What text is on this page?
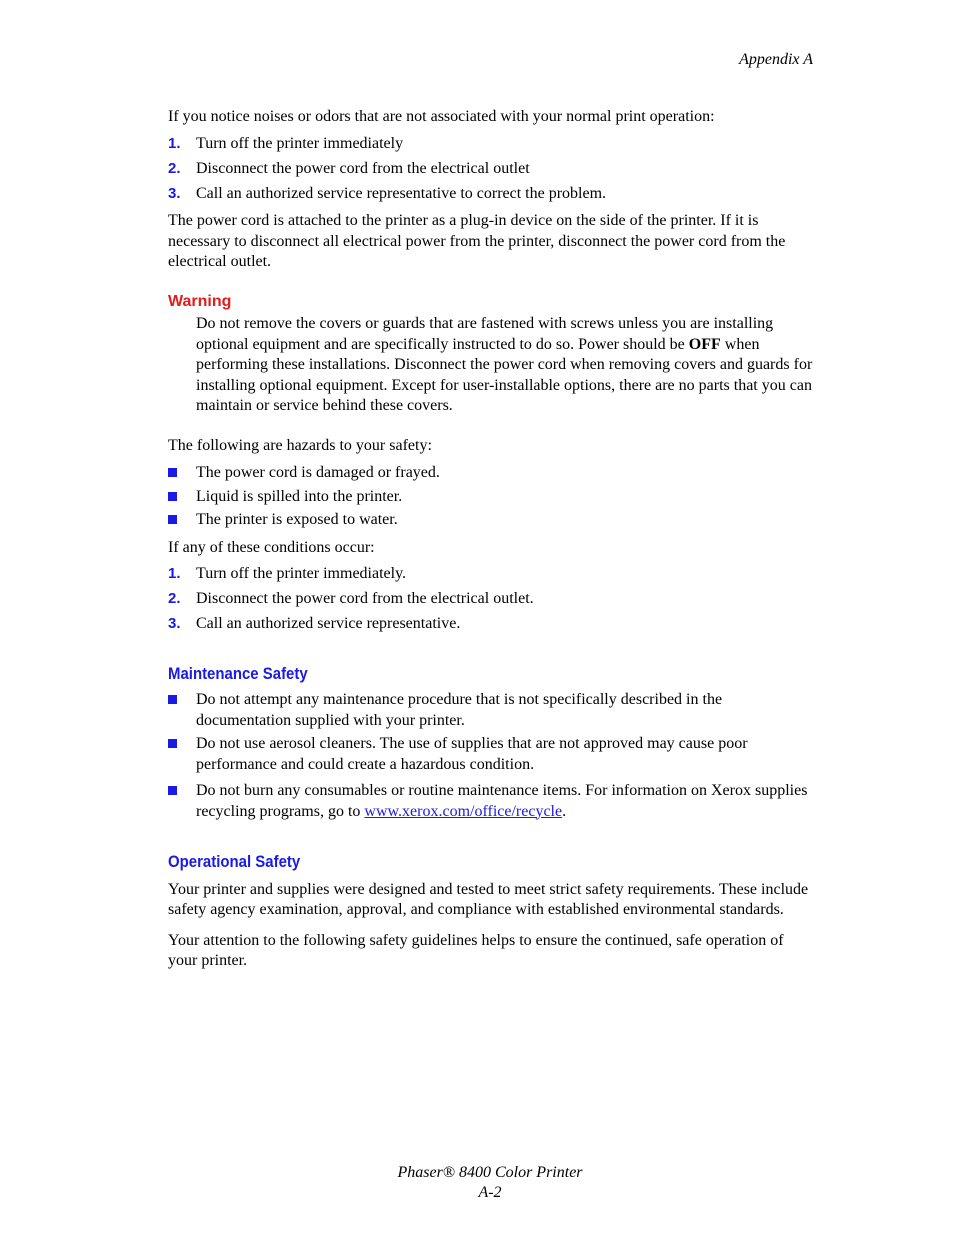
Appendix A

If you notice noises or odors that are not associated with your normal print operation:

1. Turn off the printer immediately
2. Disconnect the power cord from the electrical outlet
3. Call an authorized service representative to correct the problem.

The power cord is attached to the printer as a plug-in device on the side of the printer. If it is necessary to disconnect all electrical power from the printer, disconnect the power cord from the electrical outlet.

Warning

Do not remove the covers or guards that are fastened with screws unless you are installing optional equipment and are specifically instructed to do so. Power should be OFF when performing these installations. Disconnect the power cord when removing covers and guards for installing optional equipment. Except for user-installable options, there are no parts that you can maintain or service behind these covers.

The following are hazards to your safety:

The power cord is damaged or frayed.
Liquid is spilled into the printer.
The printer is exposed to water.

If any of these conditions occur:

1. Turn off the printer immediately.
2. Disconnect the power cord from the electrical outlet.
3. Call an authorized service representative.
Maintenance Safety
Do not attempt any maintenance procedure that is not specifically described in the documentation supplied with your printer.
Do not use aerosol cleaners. The use of supplies that are not approved may cause poor performance and could create a hazardous condition.
Do not burn any consumables or routine maintenance items. For information on Xerox supplies recycling programs, go to www.xerox.com/office/recycle.
Operational Safety

Your printer and supplies were designed and tested to meet strict safety requirements. These include safety agency examination, approval, and compliance with established environmental standards.

Your attention to the following safety guidelines helps to ensure the continued, safe operation of your printer.

Phaser® 8400 Color Printer
A-2
